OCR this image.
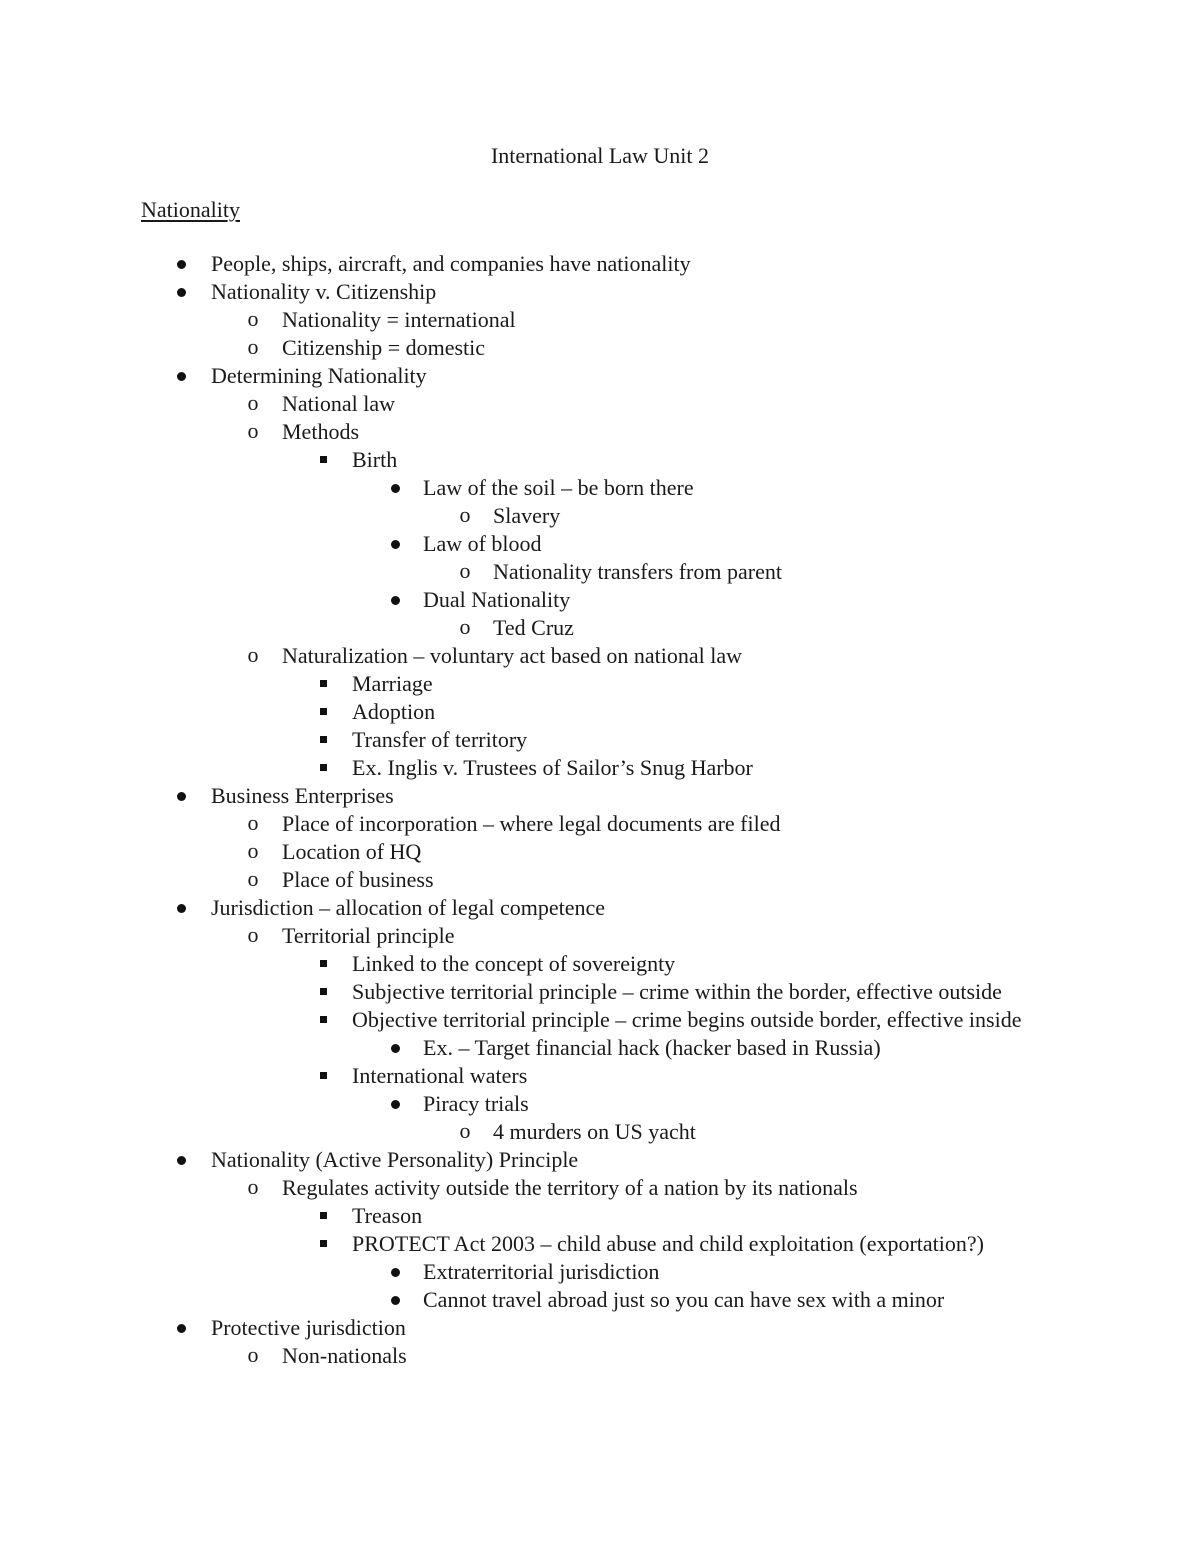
International Law Unit 2
Nationality
People, ships, aircraft, and companies have nationality
Nationality v. Citizenship
o Nationality = international
o Citizenship = domestic
Determining Nationality
o National law
o Methods
Birth
Law of the soil – be born there
o Slavery
Law of blood
o Nationality transfers from parent
Dual Nationality
o Ted Cruz
o Naturalization – voluntary act based on national law
Marriage
Adoption
Transfer of territory
Ex. Inglis v. Trustees of Sailor’s Snug Harbor
Business Enterprises
o Place of incorporation – where legal documents are filed
o Location of HQ
o Place of business
Jurisdiction – allocation of legal competence
o Territorial principle
Linked to the concept of sovereignty
Subjective territorial principle – crime within the border, effective outside
Objective territorial principle – crime begins outside border, effective inside
Ex. – Target financial hack (hacker based in Russia)
International waters
Piracy trials
o 4 murders on US yacht
Nationality (Active Personality) Principle
o Regulates activity outside the territory of a nation by its nationals
Treason
PROTECT Act 2003 – child abuse and child exploitation (exportation?)
Extraterritorial jurisdiction
Cannot travel abroad just so you can have sex with a minor
Protective jurisdiction
o Non-nationals
